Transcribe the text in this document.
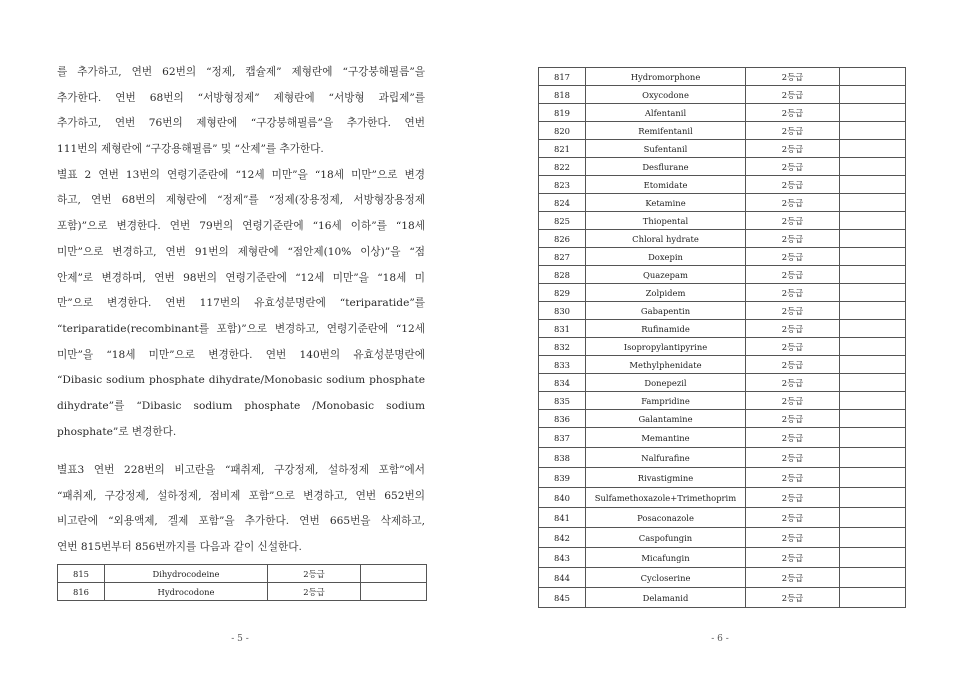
를 추가하고, 연번 62번의 “정제, 캡슐제” 제형란에 “구강붕해필름”을
추가한다. 연번 68번의 “서방형정제” 제형란에 “서방형 과립제”를
추가하고, 연번 76번의 제형란에 “구강붕해필름”을 추가한다. 연번
111번의 제형란에 “구강용해필름” 및 “산제”를 추가한다.
별표 2 연번 13번의 연령기준란에 “12세 미만”을 “18세 미만”으로 변경
하고, 연번 68번의 제형란에 “정제”를 “정제(장용정제, 서방형장용정제
포함)”으로 변경한다. 연번 79번의 연령기준란에 “16세 이하”를 “18세
미만”으로 변경하고, 연번 91번의 제형란에 “점안제(10% 이상)”을 “점
안제”로 변경하며, 연번 98번의 연령기준란에 “12세 미만”을 “18세 미
만”으로 변경한다. 연번 117번의 유효성분명란에 “teriparatide”를
“teriparatide(recombinant를 포함)”으로 변경하고, 연령기준란에 “12세
미만”을 “18세 미만”으로 변경한다. 연번 140번의 유효성분명란에
“Dibasic sodium phosphate dihydrate/Monobasic sodium phosphate
dihydrate”를 “Dibasic sodium phosphate /Monobasic sodium
phosphate”로 변경한다.
별표3 연번 228번의 비고란을 “패취제, 구강정제, 설하정제 포함”에서
“패취제, 구강정제, 설하정제, 점비제 포함”으로 변경하고, 연번 652번의
비고란에 “외용액제, 겔제 포함”을 추가한다. 연번 665번을 삭제하고,
연번 815번부터 856번까지를 다음과 같이 신설한다.
815	Dihydrocodeine	2등급	
816	Hydrocodone	2등급	
- 5 -
817	Hydromorphone	2등급	
818	Oxycodone	2등급	
819	Alfentanil	2등급	
820	Remifentanil	2등급	
821	Sufentanil	2등급	
822	Desflurane	2등급	
823	Etomidate	2등급	
824	Ketamine	2등급	
825	Thiopental	2등급	
826	Chloral hydrate	2등급	
827	Doxepin	2등급	
828	Quazepam	2등급	
829	Zolpidem	2등급	
830	Gabapentin	2등급	
831	Rufinamide	2등급	
832	Isopropylantipyrine	2등급	
833	Methylphenidate	2등급	
834	Donepezil	2등급	
835	Fampridine	2등급	
836	Galantamine	2등급	
837	Memantine	2등급	
838	Nalfurafine	2등급	
839	Rivastigmine	2등급	
840	Sulfamethoxazole+Trimethoprim	2등급	
841	Posaconazole	2등급	
842	Caspofungin	2등급	
843	Micafungin	2등급	
844	Cycloserine	2등급	
845	Delamanid	2등급	
- 6 -
